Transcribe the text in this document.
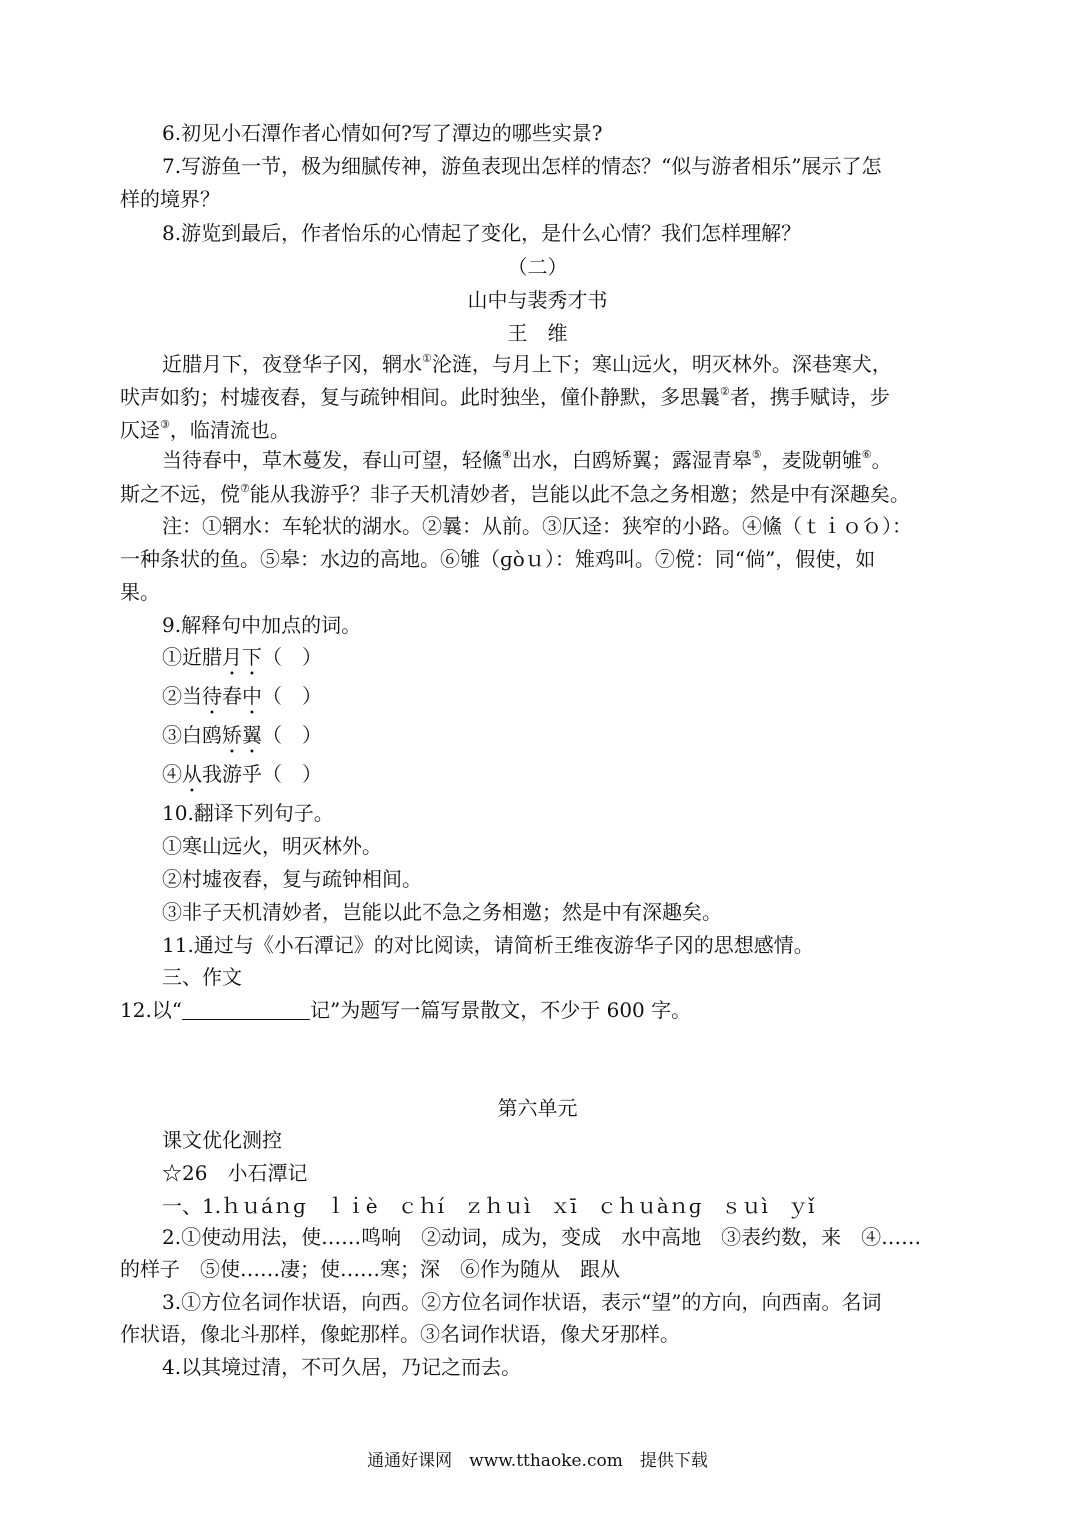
6.初见小石潭作者心情如何?写了潭边的哪些实景?
7.写游鱼一节，极为细腻传神，游鱼表现出怎样的情态？“似与游者相乐”展示了怎
样的境界？
8.游览到最后，作者怡乐的心情起了变化，是什么心情？我们怎样理解？
（二）
山中与裴秀才书
王　维
近腊月下，夜登华子冈，辋水①沦涟，与月上下；寒山远火，明灭林外。深巷寒犬，
吠声如豹；村墟夜舂，复与疏钟相间。此时独坐，僮仆静默，多思曩②者，携手赋诗，步
仄迳③，临清流也。
当待春中，草木蔓发，春山可望，轻鯈④出水，白鸥矫翼；露湿青皋⑤，麦陇朝雊⑥。
斯之不远，傥⑦能从我游乎？非子天机清妙者，岂能以此不急之务相邀；然是中有深趣矣。
注：①辋水：车轮状的湖水。②曩：从前。③仄迳：狭窄的小路。④鯈（ｔｉｏ́ｏ）：
一种条状的鱼。⑤皋：水边的高地。⑥雊（ɡòｕ）：雉鸡叫。⑦傥：同“倘”，假使，如
果。
9.解释句中加点的词。
①近腊月下（　）
②当待春中（　）
③白鸥矫翼（　）
④从我游乎（　）
10.翻译下列句子。
①寒山远火，明灭林外。
②村墟夜舂，复与疏钟相间。
③非子天机清妙者，岂能以此不急之务相邀；然是中有深趣矣。
11.通过与《小石潭记》的对比阅读，请简析王维夜游华子冈的思想感情。
三、作文
12.以“	记”为题写一篇写景散文，不少于 600 字。
第六单元
课文优化测控
☆26　小石潭记
一、1.ｈｕáｎɡ　ｌｉè　ｃｈí　ｚｈｕì　ｘī　ｃｈｕàｎɡ　ｓｕì　ｙǐ
2.①使动用法，使……鸣响　②动词，成为，变成　水中高地　③表约数，来　④……
的样子　⑤使……凄；使……寒；深　⑥作为随从　跟从
3.①方位名词作状语，向西。②方位名词作状语，表示“望”的方向，向西南。名词
作状语，像北斗那样，像蛇那样。③名词作状语，像犬牙那样。
4.以其境过清，不可久居，乃记之而去。
通通好课网　www.tthaoke.com　提供下载
